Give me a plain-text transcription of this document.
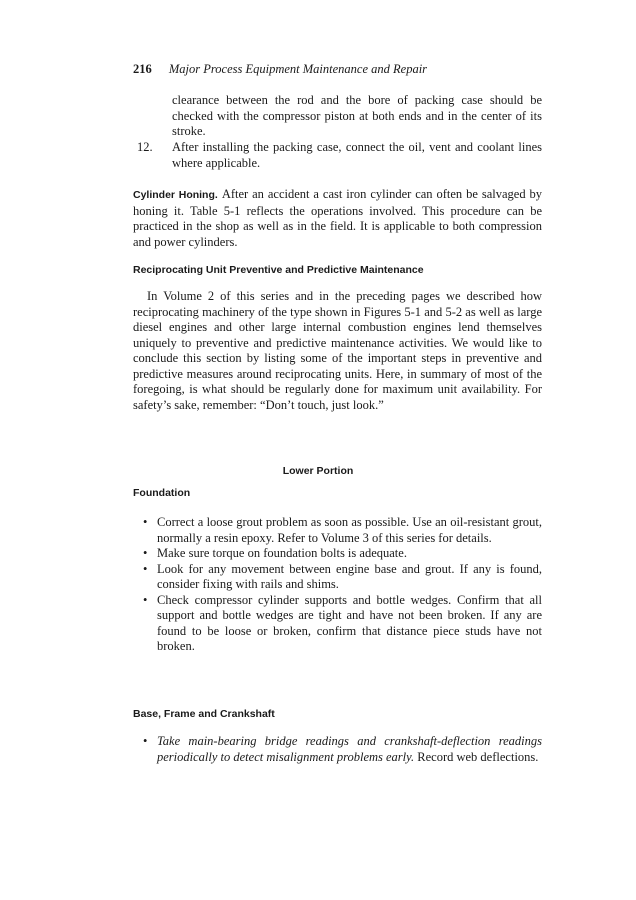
216 Major Process Equipment Maintenance and Repair

clearance between the rod and the bore of packing case should be checked with the compressor piston at both ends and in the center of its stroke.

12.	After installing the packing case, connect the oil, vent and coolant lines where applicable.

Cylinder Honing. After an accident a cast iron cylinder can often be salvaged by honing it. Table 5-1 reflects the operations involved. This procedure can be practiced in the shop as well as in the field. It is applicable to both compression and power cylinders.

Reciprocating Unit Preventive and Predictive Maintenance

In Volume 2 of this series and in the preceding pages we described how reciprocating machinery of the type shown in Figures 5-1 and 5-2 as well as large diesel engines and other large internal combustion engines lend themselves uniquely to preventive and predictive maintenance activities. We would like to conclude this section by listing some of the important steps in preventive and predictive measures around reciprocating units. Here, in summary of most of the foregoing, is what should be regularly done for maximum unit availability. For safety’s sake, remember: “Don’t touch, just look.”

Lower Portion
Foundation
• Correct a loose grout problem as soon as possible. Use an oil-resistant grout, normally a resin epoxy. Refer to Volume 3 of this series for details.
• Make sure torque on foundation bolts is adequate.
• Look for any movement between engine base and grout. If any is found, consider fixing with rails and shims.
• Check compressor cylinder supports and bottle wedges. Confirm that all support and bottle wedges are tight and have not been broken. If any are found to be loose or broken, confirm that distance piece studs have not broken.
Base, Frame and Crankshaft
• Take main-bearing bridge readings and crankshaft-deflection readings periodically to detect misalignment problems early. Record web deflections.
